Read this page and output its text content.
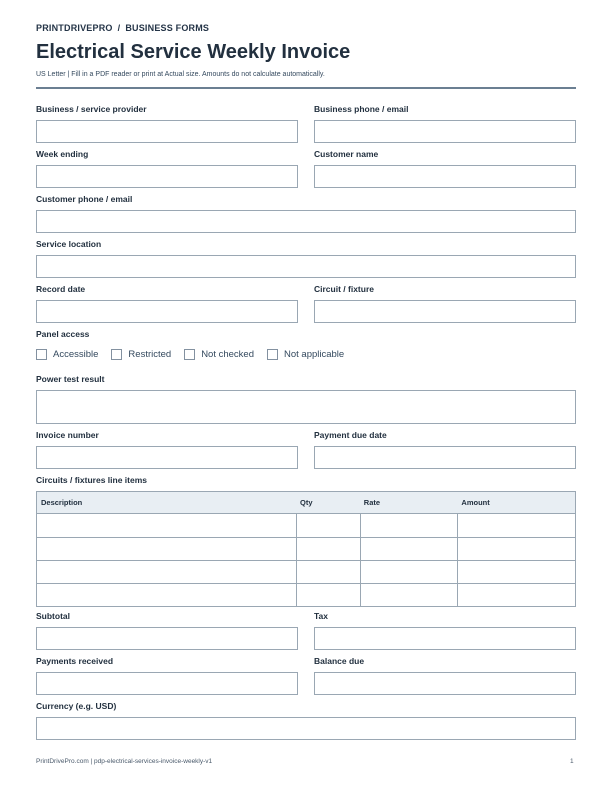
PRINTDRIVEPRO / BUSINESS FORMS
Electrical Service Weekly Invoice
US Letter | Fill in a PDF reader or print at Actual size. Amounts do not calculate automatically.
Business / service provider	Business phone / email
Week ending	Customer name
Customer phone / email
Service location
Record date	Circuit / fixture
Panel access
Accessible	Restricted	Not checked	Not applicable
Power test result
Invoice number	Payment due date
Circuits / fixtures line items
Description	Qty	Rate	Amount
Subtotal	Tax
Payments received	Balance due
Currency (e.g. USD)
PrintDrivePro.com | pdp-electrical-services-invoice-weekly-v1	1
